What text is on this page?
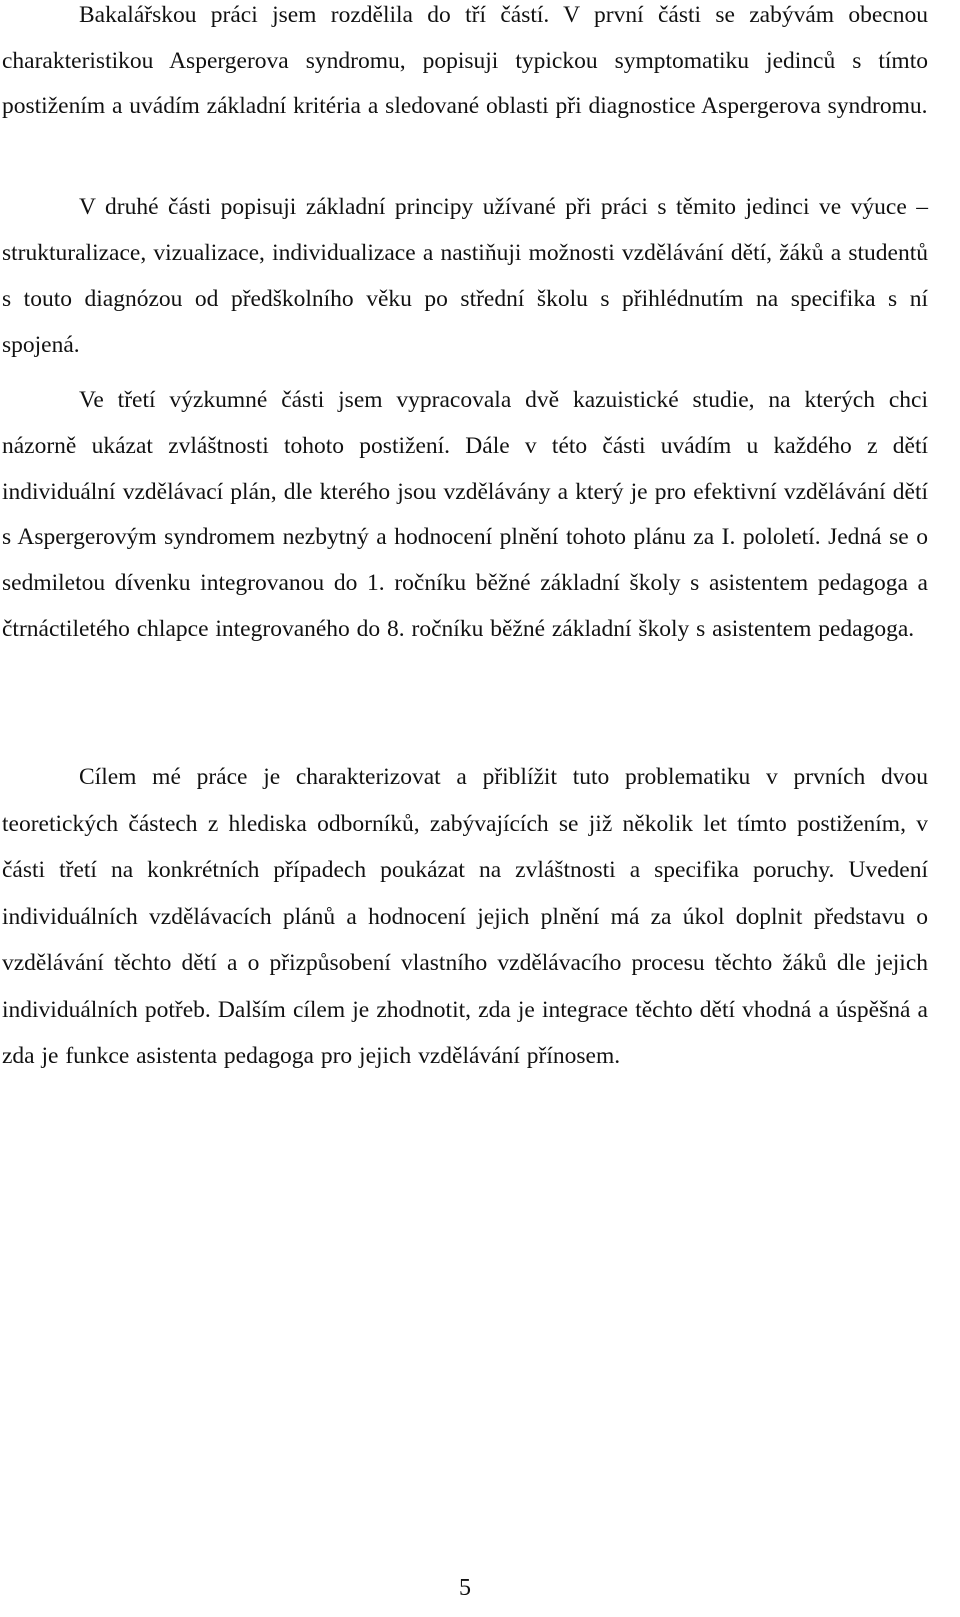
Bakalářskou práci jsem rozdělila do tří částí. V první části se zabývám obecnou charakteristikou Aspergerova syndromu, popisuji typickou symptomatiku jedinců s tímto postižením a uvádím základní kritéria a sledované oblasti při diagnostice Aspergerova syndromu.

V druhé části popisuji základní principy užívané při práci s těmito jedinci ve výuce – strukturalizace, vizualizace, individualizace a nastiňuji možnosti vzdělávání dětí, žáků a studentů s touto diagnózou od předškolního věku po střední školu s přihlédnutím na specifika s ní spojená.

Ve třetí výzkumné části jsem vypracovala dvě kazuistické studie, na kterých chci názorně ukázat zvláštnosti tohoto postižení. Dále v této části uvádím u každého z dětí individuální vzdělávací plán, dle kterého jsou vzdělávány a který je pro efektivní vzdělávání dětí s Aspergerovým syndromem nezbytný a hodnocení plnění tohoto plánu za I. pololetí. Jedná se o sedmiletou dívenku integrovanou do 1. ročníku běžné základní školy s asistentem pedagoga a čtrnáctiletého chlapce integrovaného do 8. ročníku běžné základní školy s asistentem pedagoga.

Cílem mé práce je charakterizovat a přiblížit tuto problematiku v prvních dvou teoretických částech z hlediska odborníků, zabývajících se již několik let tímto postižením, v části třetí na konkrétních případech poukázat na zvláštnosti a specifika poruchy. Uvedení individuálních vzdělávacích plánů a hodnocení jejich plnění má za úkol doplnit představu o vzdělávání těchto dětí a o přizpůsobení vlastního vzdělávacího procesu těchto žáků dle jejich individuálních potřeb. Dalším cílem je zhodnotit, zda je integrace těchto dětí vhodná a úspěšná a zda je funkce asistenta pedagoga pro jejich vzdělávání přínosem.

5
